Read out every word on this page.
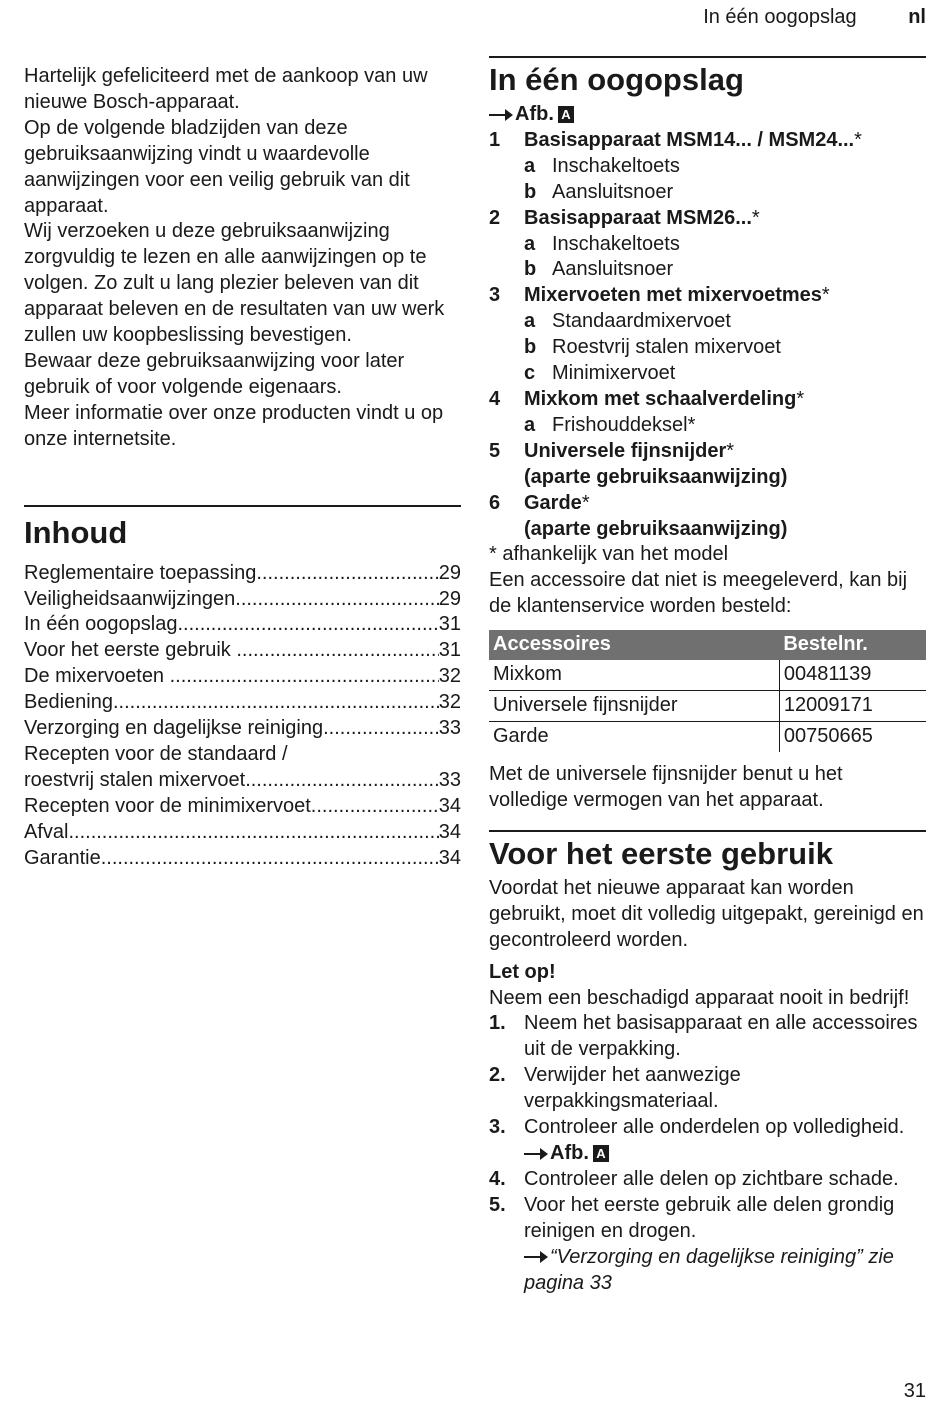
In één oogopslag	nl

Hartelijk gefeliciteerd met de aankoop van uw nieuwe Bosch-apparaat.

Op de volgende bladzijden van deze gebruiksaanwijzing vindt u waardevolle aanwijzingen voor een veilig gebruik van dit apparaat.

Wij verzoeken u deze gebruiksaanwijzing zorgvuldig te lezen en alle aanwijzingen op te volgen. Zo zult u lang plezier beleven van dit apparaat beleven en de resultaten van uw werk zullen uw koopbeslissing bevestigen.

Bewaar deze gebruiksaanwijzing voor later gebruik of voor volgende eigenaars.

Meer informatie over onze producten vindt u op onze internetsite.

Inhoud
Reglementaire toepassing .....	29
Veiligheidsaanwijzingen .....	29
In één oogopslag .....	31
Voor het eerste gebruik .....	31
De mixervoeten .....	32
Bediening .....	32
Verzorging en dagelijkse reiniging .....	33
Recepten voor de standaard /
roestvrij stalen mixervoet .....	33
Recepten voor de minimixervoet .....	34
Afval .....	34
Garantie .....	34
In één oogopslag
Afb. A
1	Basisapparaat MSM14... / MSM24...*
a Inschakeltoets
b Aansluitsnoer
2	Basisapparaat MSM26...*
a Inschakeltoets
b Aansluitsnoer
3	Mixervoeten met mixervoetmes*
a Standaardmixervoet
b Roestvrij stalen mixervoet
c Minimixervoet
4	Mixkom met schaalverdeling*
a Frishouddeksel*
5	Universele fijnsnijder*
(aparte gebruiksaanwijzing)
6	Garde*
(aparte gebruiksaanwijzing)

* afhankelijk van het model

Een accessoire dat niet is meegeleverd, kan bij de klantenservice worden besteld:

Accessoires	Bestelnr.
Mixkom	00481139
Universele fijnsnijder	12009171
Garde	00750665

Met de universele fijnsnijder benut u het volledige vermogen van het apparaat.

Voor het eerste gebruik

Voordat het nieuwe apparaat kan worden gebruikt, moet dit volledig uitgepakt, gereinigd en gecontroleerd worden.

Let op!

Neem een beschadigd apparaat nooit in bedrijf!

1. Neem het basisapparaat en alle accessoires uit de verpakking.
2. Verwijder het aanwezige verpakkingsmateriaal.
3. Controleer alle onderdelen op volledigheid. Afb. A
4. Controleer alle delen op zichtbare schade.
5. Voor het eerste gebruik alle delen grondig reinigen en drogen.
“Verzorging en dagelijkse reiniging” zie pagina 33
31
